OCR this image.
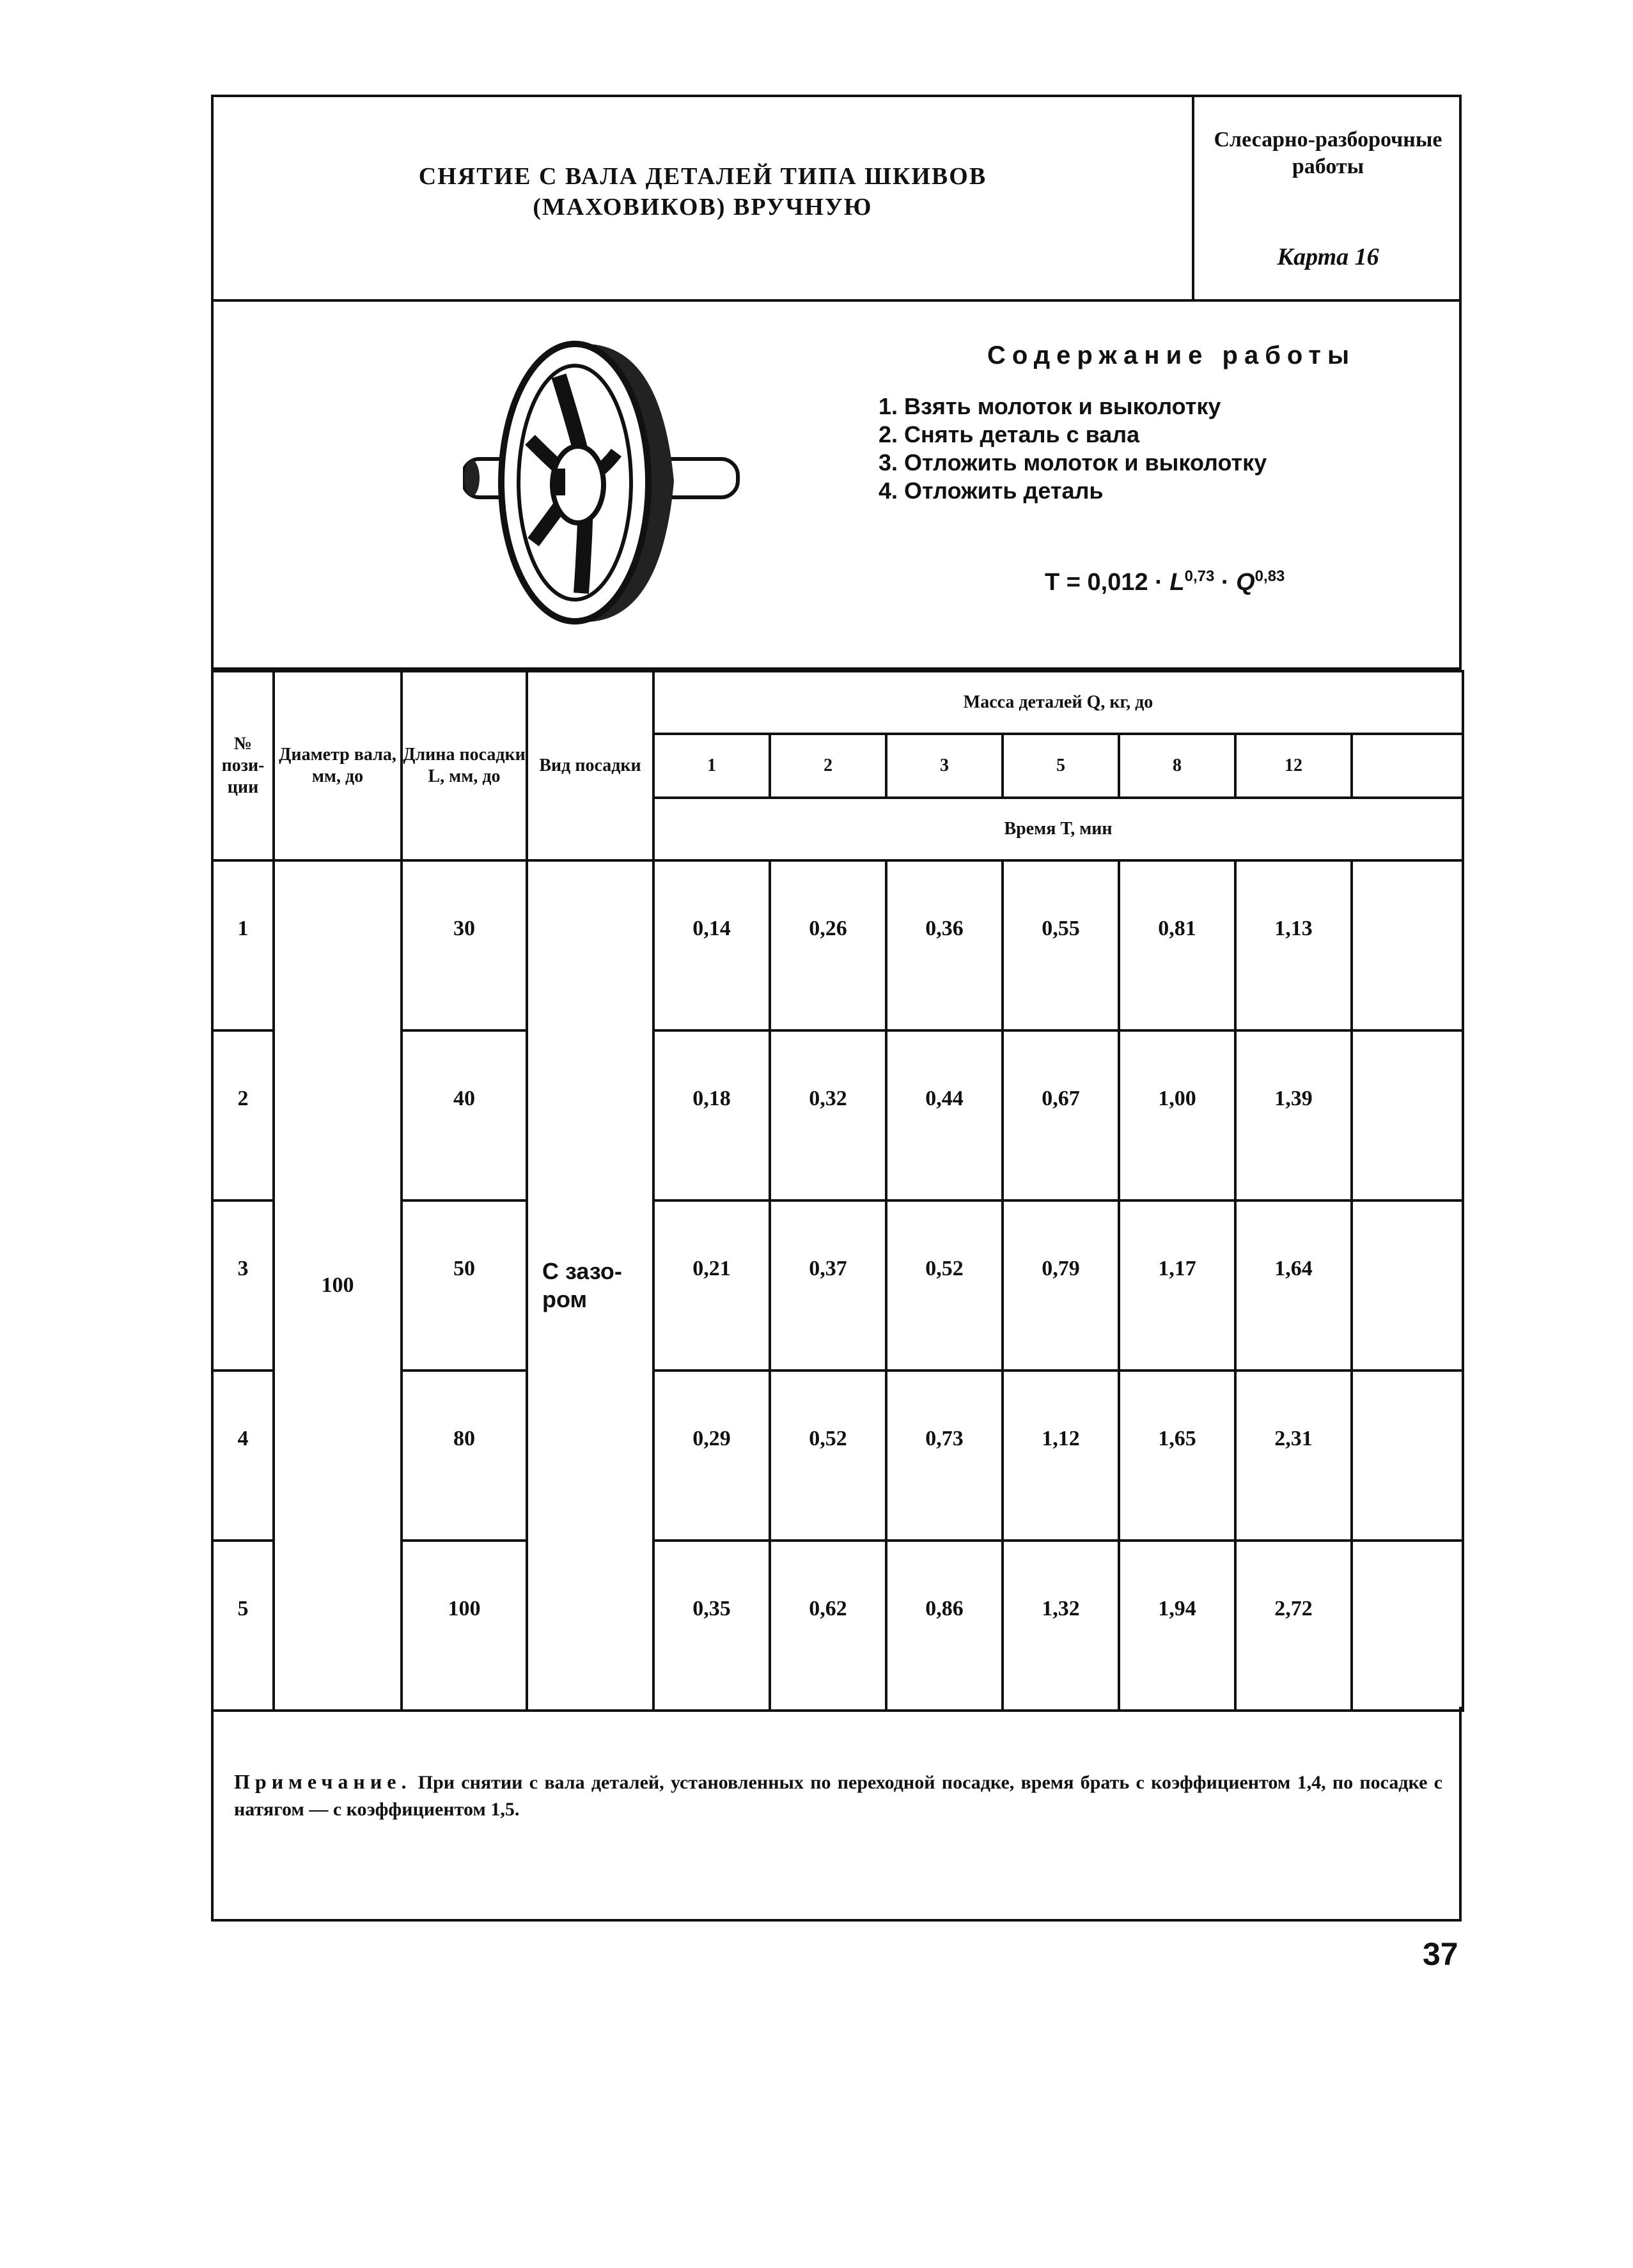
СНЯТИЕ С ВАЛА ДЕТАЛЕЙ ТИПА ШКИВОВ
(МАХОВИКОВ) ВРУЧНУЮ
Слесарно-разборочные
работы
Карта 16
Содержание работы
1. Взять молоток и выколотку
2. Снять деталь с вала
3. Отложить молоток и выколотку
4. Отложить деталь
Т = 0,012 · L$^{0,73}$ · Q$^{0,83}$
№ пози-ции	Диаметр вала, мм, до	Длина посадки L, мм, до	Вид посадки	Масса деталей Q, кг, до						
				1	2	3	5	8	12	
				Время Т, мин						
1	100	30	С зазо-ром	0,14	0,26	0,36	0,55	0,81	1,13	
2		40		0,18	0,32	0,44	0,67	1,00	1,39	
3		50		0,21	0,37	0,52	0,79	1,17	1,64	
4		80		0,29	0,52	0,73	1,12	1,65	2,31	
5		100		0,35	0,62	0,86	1,32	1,94	2,72	
Примечание. При снятии с вала деталей, установленных по переходной посадке, время брать с коэффициентом 1,4, по посадке с натягом — с коэффициентом 1,5.
37
